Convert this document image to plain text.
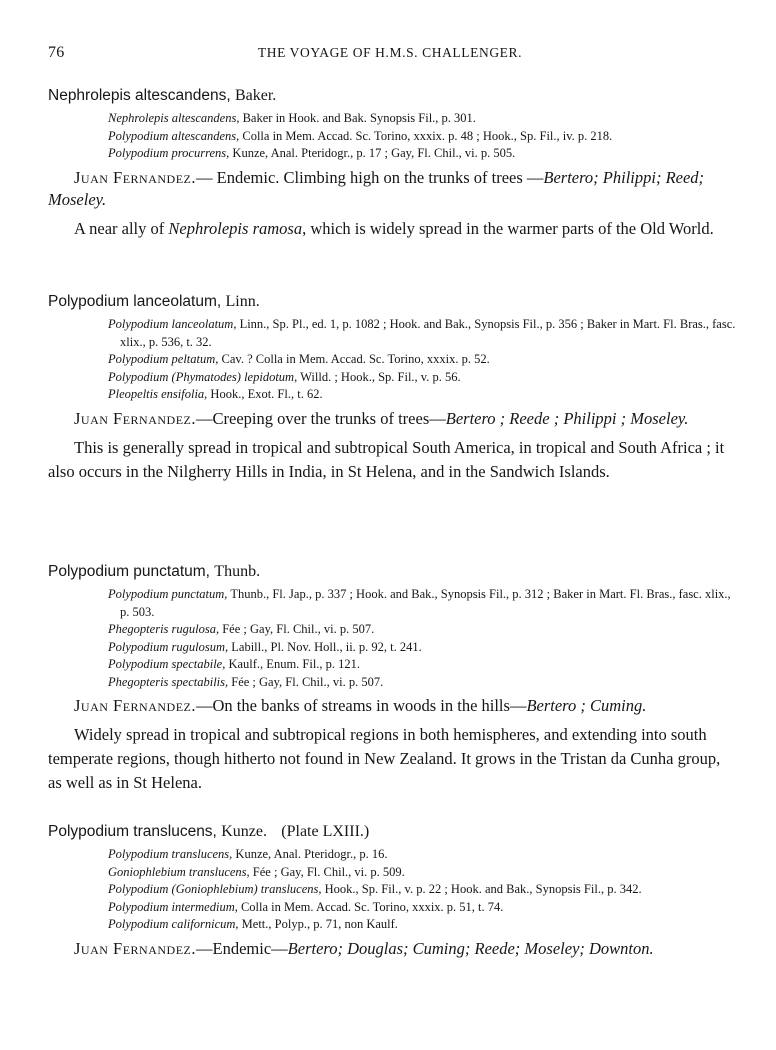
76	THE VOYAGE OF H.M.S. CHALLENGER.

Nephrolepis altescandens, Baker.

Nephrolepis altescandens, Baker in Hook. and Bak. Synopsis Fil., p. 301.
Polypodium altescandens, Colla in Mem. Accad. Sc. Torino, xxxix. p. 48 ; Hook., Sp. Fil., iv. p. 218.
Polypodium procurrens, Kunze, Anal. Pteridogr., p. 17 ; Gay, Fl. Chil., vi. p. 505.

Juan Fernandez.— Endemic. Climbing high on the trunks of trees —Bertero; Philippi; Reed; Moseley.

A near ally of Nephrolepis ramosa, which is widely spread in the warmer parts of the Old World.

Polypodium lanceolatum, Linn.

Polypodium lanceolatum, Linn., Sp. Pl., ed. 1, p. 1082 ; Hook. and Bak., Synopsis Fil., p. 356 ; Baker in Mart. Fl. Bras., fasc. xlix., p. 536, t. 32.
Polypodium peltatum, Cav. ? Colla in Mem. Accad. Sc. Torino, xxxix. p. 52.
Polypodium (Phymatodes) lepidotum, Willd. ; Hook., Sp. Fil., v. p. 56.
Pleopeltis ensifolia, Hook., Exot. Fl., t. 62.

Juan Fernandez.—Creeping over the trunks of trees—Bertero ; Reede ; Philippi ; Moseley.

This is generally spread in tropical and subtropical South America, in tropical and South Africa ; it also occurs in the Nilgherry Hills in India, in St Helena, and in the Sandwich Islands.

Polypodium punctatum, Thunb.

Polypodium punctatum, Thunb., Fl. Jap., p. 337 ; Hook. and Bak., Synopsis Fil., p. 312 ; Baker in Mart. Fl. Bras., fasc. xlix., p. 503.
Phegopteris rugulosa, Fée ; Gay, Fl. Chil., vi. p. 507.
Polypodium rugulosum, Labill., Pl. Nov. Holl., ii. p. 92, t. 241.
Polypodium spectabile, Kaulf., Enum. Fil., p. 121.
Phegopteris spectabilis, Fée ; Gay, Fl. Chil., vi. p. 507.

Juan Fernandez.—On the banks of streams in woods in the hills—Bertero ; Cuming.

Widely spread in tropical and subtropical regions in both hemispheres, and extending into south temperate regions, though hitherto not found in New Zealand. It grows in the Tristan da Cunha group, as well as in St Helena.

Polypodium translucens, Kunze. (Plate LXIII.)

Polypodium translucens, Kunze, Anal. Pteridogr., p. 16.
Goniophlebium translucens, Fée ; Gay, Fl. Chil., vi. p. 509.
Polypodium (Goniophlebium) translucens, Hook., Sp. Fil., v. p. 22 ; Hook. and Bak., Synopsis Fil., p. 342.
Polypodium intermedium, Colla in Mem. Accad. Sc. Torino, xxxix. p. 51, t. 74.
Polypodium californicum, Mett., Polyp., p. 71, non Kaulf.

Juan Fernandez.—Endemic—Bertero; Douglas; Cuming; Reede; Moseley; Downton.
